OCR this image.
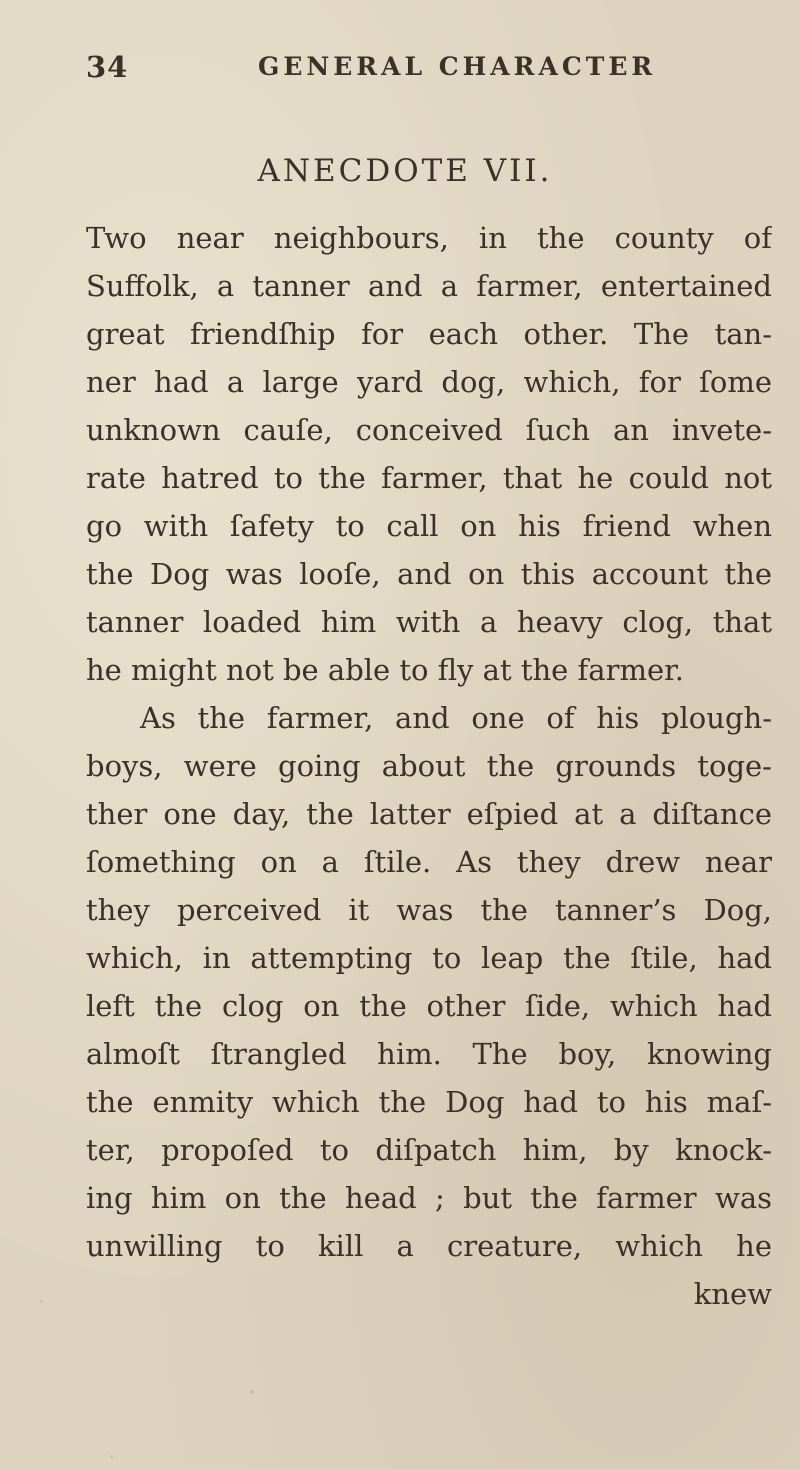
34	GENERAL CHARACTER
ANECDOTE VII.
Two near neighbours, in the county of
Suffolk, a tanner and a farmer, entertained
great friendſhip for each other. The tan-
ner had a large yard dog, which, for ſome
unknown cauſe, conceived ſuch an invete-
rate hatred to the farmer, that he could not
go with ſafety to call on his friend when
the Dog was looſe, and on this account the
tanner loaded him with a heavy clog, that
he might not be able to fly at the farmer.
As the farmer, and one of his plough-
boys, were going about the grounds toge-
ther one day, the latter eſpied at a diſtance
ſomething on a ſtile. As they drew near
they perceived it was the tanner’s Dog,
which, in attempting to leap the ſtile, had
left the clog on the other ſide, which had
almoſt ſtrangled him. The boy, knowing
the enmity which the Dog had to his maſ-
ter, propoſed to diſpatch him, by knock-
ing him on the head ; but the farmer was
unwilling to kill a creature, which he
knew
